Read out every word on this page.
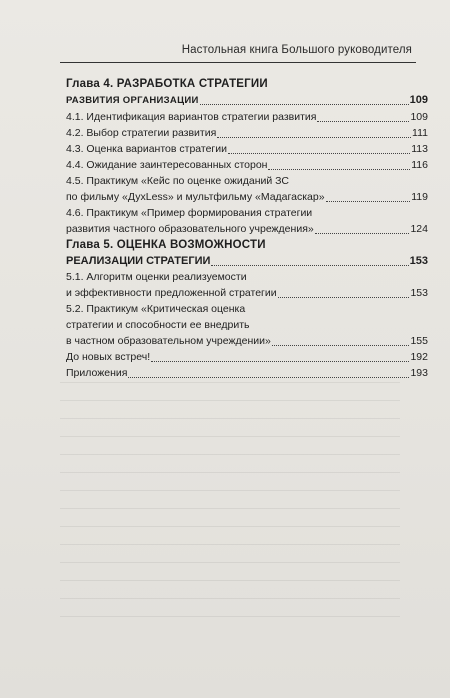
Настольная книга Большого руководителя
Глава 4. РАЗРАБОТКА СТРАТЕГИИ
РАЗВИТИЯ ОРГАНИЗАЦИИ	109
4.1. Идентификация вариантов стратегии развития	109
4.2. Выбор стратегии развития	111
4.3. Оценка вариантов стратегии	113
4.4. Ожидание заинтересованных сторон	116
4.5. Практикум «Кейс по оценке ожиданий ЗС
по фильму «ДухLess» и мультфильму «Мадагаскар»	119
4.6. Практикум «Пример формирования стратегии
развития частного образовательного учреждения»	124
Глава 5. ОЦЕНКА ВОЗМОЖНОСТИ
РЕАЛИЗАЦИИ СТРАТЕГИИ	153
5.1. Алгоритм оценки реализуемости
и эффективности предложенной стратегии	153
5.2. Практикум «Критическая оценка
стратегии и способности ее внедрить
в частном образовательном учреждении»	155
До новых встреч!	192
Приложения	193
